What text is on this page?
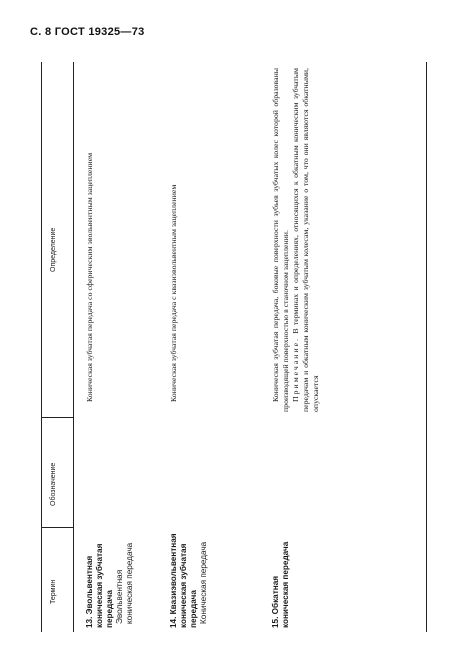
С. 8 ГОСТ 19325—73
Термин
Обозначение
Определение
13. Эвольвентная коническая зубчатая передача Эвольвентная коническая передача

Коническая зубчатая передача со сферическим эвольвентным зацеплением

14. Квазиэвольвентная коническая зубчатая передача Коническая передача

Коническая зубчатая передача с квазиэвольвентным зацеплением

15. Обкатная коническая передача

Коническая зубчатая передача, боковые поверхности зубьев зубчатых колес которой образованы производящей поверхностью в станочном зацеплении. Примечание. В терминах и определениях, относящихся к обкатным коническим зубчатым передачам и обкатным коническим зубчатым колесам, указание о том, что они являются обкатными, опускается
